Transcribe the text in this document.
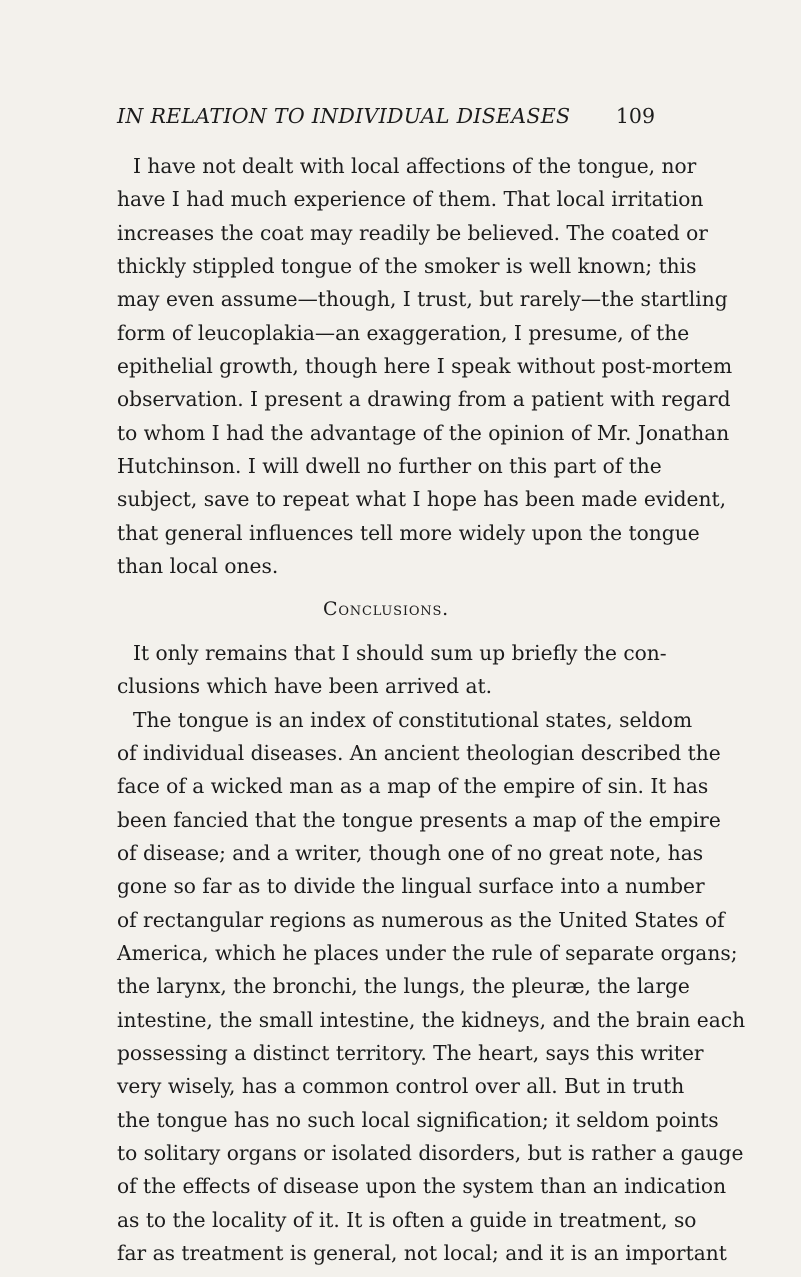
IN RELATION TO INDIVIDUAL DISEASES 109
I have not dealt with local affections of the tongue, nor
have I had much experience of them. That local irritation
increases the coat may readily be believed. The coated or
thickly stippled tongue of the smoker is well known; this
may even assume—though, I trust, but rarely—the startling
form of leucoplakia—an exaggeration, I presume, of the
epithelial growth, though here I speak without post-mortem
observation. I present a drawing from a patient with regard
to whom I had the advantage of the opinion of Mr. Jonathan
Hutchinson. I will dwell no further on this part of the
subject, save to repeat what I hope has been made evident,
that general influences tell more widely upon the tongue
than local ones.
Conclusions.
It only remains that I should sum up briefly the con-
clusions which have been arrived at.
The tongue is an index of constitutional states, seldom
of individual diseases. An ancient theologian described the
face of a wicked man as a map of the empire of sin. It has
been fancied that the tongue presents a map of the empire
of disease; and a writer, though one of no great note, has
gone so far as to divide the lingual surface into a number
of rectangular regions as numerous as the United States of
America, which he places under the rule of separate organs;
the larynx, the bronchi, the lungs, the pleuræ, the large
intestine, the small intestine, the kidneys, and the brain each
possessing a distinct territory. The heart, says this writer
very wisely, has a common control over all. But in truth
the tongue has no such local signification; it seldom points
to solitary organs or isolated disorders, but is rather a gauge
of the effects of disease upon the system than an indication
as to the locality of it. It is often a guide in treatment, so
far as treatment is general, not local; and it is an important
